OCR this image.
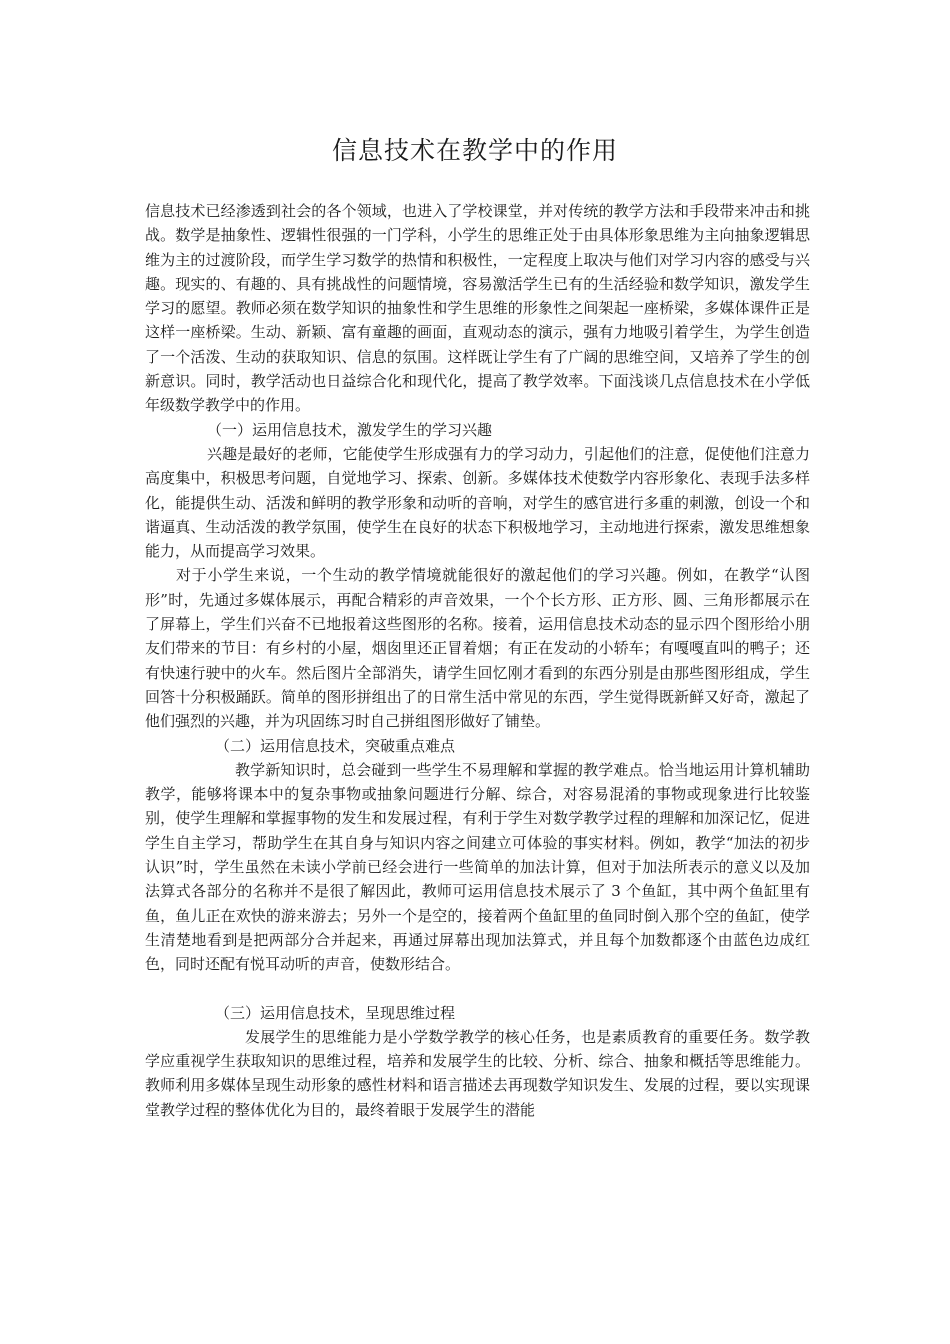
信息技术在教学中的作用

信息技术已经渗透到社会的各个领域，也进入了学校课堂，并对传统的教学方法和手段带来冲击和挑战。数学是抽象性、逻辑性很强的一门学科，小学生的思维正处于由具体形象思维为主向抽象逻辑思维为主的过渡阶段，而学生学习数学的热情和积极性，一定程度上取决与他们对学习内容的感受与兴趣。现实的、有趣的、具有挑战性的问题情境，容易激活学生已有的生活经验和数学知识，激发学生学习的愿望。教师必须在数学知识的抽象性和学生思维的形象性之间架起一座桥梁，多媒体课件正是这样一座桥梁。生动、新颖、富有童趣的画面，直观动态的演示，强有力地吸引着学生，为学生创造了一个活泼、生动的获取知识、信息的氛围。这样既让学生有了广阔的思维空间，又培养了学生的创新意识。同时，教学活动也日益综合化和现代化，提高了教学效率。下面浅谈几点信息技术在小学低年级数学教学中的作用。

（一）运用信息技术，激发学生的学习兴趣

兴趣是最好的老师，它能使学生形成强有力的学习动力，引起他们的注意，促使他们注意力高度集中，积极思考问题，自觉地学习、探索、创新。多媒体技术使数学内容形象化、表现手法多样化，能提供生动、活泼和鲜明的教学形象和动听的音响，对学生的感官进行多重的刺激，创设一个和谐逼真、生动活泼的教学氛围，使学生在良好的状态下积极地学习，主动地进行探索，激发思维想象能力，从而提高学习效果。

对于小学生来说，一个生动的教学情境就能很好的激起他们的学习兴趣。例如，在教学“认图形”时，先通过多媒体展示，再配合精彩的声音效果，一个个长方形、正方形、圆、三角形都展示在了屏幕上，学生们兴奋不已地报着这些图形的名称。接着，运用信息技术动态的显示四个图形给小朋友们带来的节目：有乡村的小屋，烟囱里还正冒着烟；有正在发动的小轿车；有嘎嘎直叫的鸭子；还有快速行驶中的火车。然后图片全部消失，请学生回忆刚才看到的东西分别是由那些图形组成，学生回答十分积极踊跃。简单的图形拼组出了的日常生活中常见的东西，学生觉得既新鲜又好奇，激起了他们强烈的兴趣，并为巩固练习时自己拼组图形做好了铺垫。

（二）运用信息技术，突破重点难点

教学新知识时，总会碰到一些学生不易理解和掌握的教学难点。恰当地运用计算机辅助教学，能够将课本中的复杂事物或抽象问题进行分解、综合，对容易混淆的事物或现象进行比较鉴别，使学生理解和掌握事物的发生和发展过程，有利于学生对数学教学过程的理解和加深记忆，促进学生自主学习，帮助学生在其自身与知识内容之间建立可体验的事实材料。例如，教学“加法的初步认识”时，学生虽然在未读小学前已经会进行一些简单的加法计算，但对于加法所表示的意义以及加法算式各部分的名称并不是很了解因此，教师可运用信息技术展示了 3 个鱼缸，其中两个鱼缸里有鱼，鱼儿正在欢快的游来游去；另外一个是空的，接着两个鱼缸里的鱼同时倒入那个空的鱼缸，使学生清楚地看到是把两部分合并起来，再通过屏幕出现加法算式，并且每个加数都逐个由蓝色边成红色，同时还配有悦耳动听的声音，使数形结合。

（三）运用信息技术，呈现思维过程

发展学生的思维能力是小学数学教学的核心任务，也是素质教育的重要任务。数学教学应重视学生获取知识的思维过程，培养和发展学生的比较、分析、综合、抽象和概括等思维能力。教师利用多媒体呈现生动形象的感性材料和语言描述去再现数学知识发生、发展的过程，要以实现课堂教学过程的整体优化为目的，最终着眼于发展学生的潜能
